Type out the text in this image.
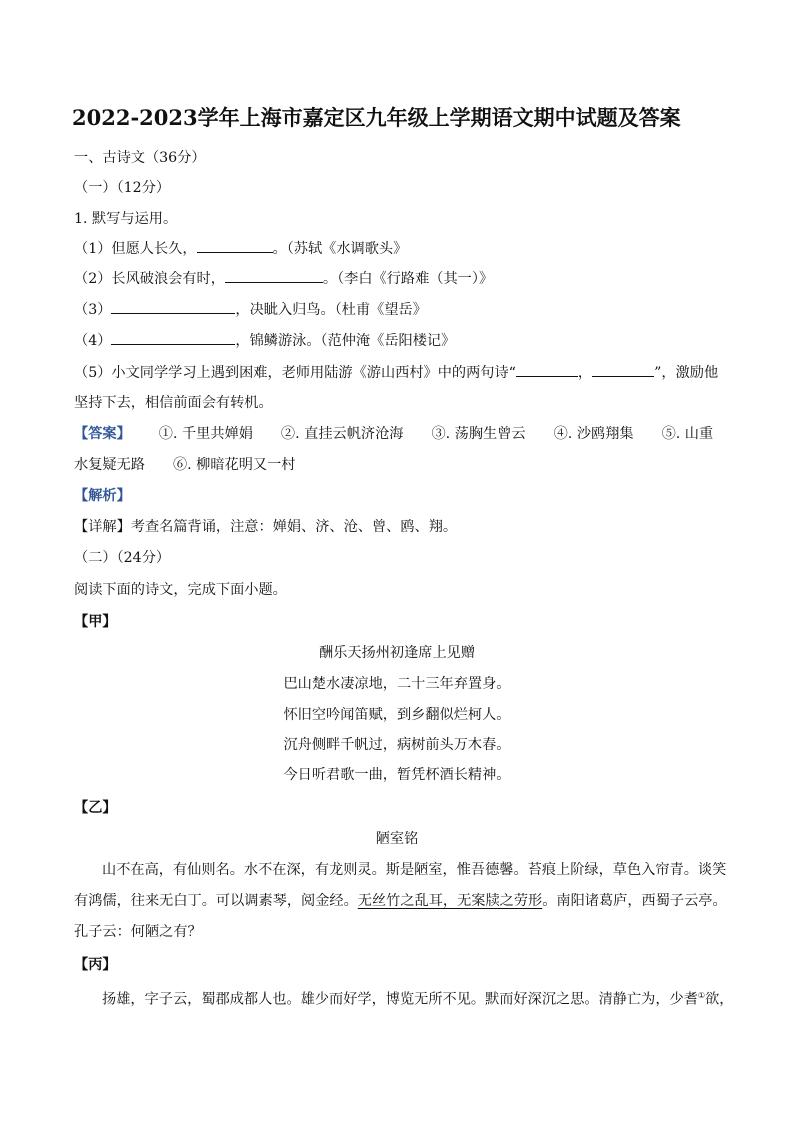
2022-2023学年上海市嘉定区九年级上学期语文期中试题及答案
一、古诗文（36分）
（一）（12分）
1. 默写与运用。
（1）但愿人长久，	。（苏轼《水调歌头》
（2）长风破浪会有时，	。（李白《行路难（其一）》
（3）	，决眦入归鸟。（杜甫《望岳》
（4）	，锦鳞游泳。（范仲淹《岳阳楼记》
（5）小文同学学习上遇到困难，老师用陆游《游山西村》中的两句诗“	，	”，激励他
坚持下去，相信前面会有转机。
【答案】 ①. 千里共婵娟 ②. 直挂云帆济沧海 ③. 荡胸生曾云 ④. 沙鸥翔集 ⑤. 山重
水复疑无路 ⑥. 柳暗花明又一村
【解析】
【详解】考查名篇背诵，注意：婵娟、济、沧、曾、鸥、翔。
（二）（24分）
阅读下面的诗文，完成下面小题。
【甲】
酬乐天扬州初逢席上见赠
巴山楚水凄凉地，二十三年弃置身。
怀旧空吟闻笛赋，到乡翻似烂柯人。
沉舟侧畔千帆过，病树前头万木春。
今日听君歌一曲，暂凭杯酒长精神。
【乙】
陋室铭
山不在高，有仙则名。水不在深，有龙则灵。斯是陋室，惟吾德馨。苔痕上阶绿，草色入帘青。谈笑
有鸿儒，往来无白丁。可以调素琴，阅金经。无丝竹之乱耳，无案牍之劳形。南阳诸葛庐，西蜀子云亭。
孔子云：何陋之有？
【丙】
扬雄，字子云，蜀郡成都人也。雄少而好学，博览无所不见。默而好深沉之思。清静亡为，少耆①欲，
